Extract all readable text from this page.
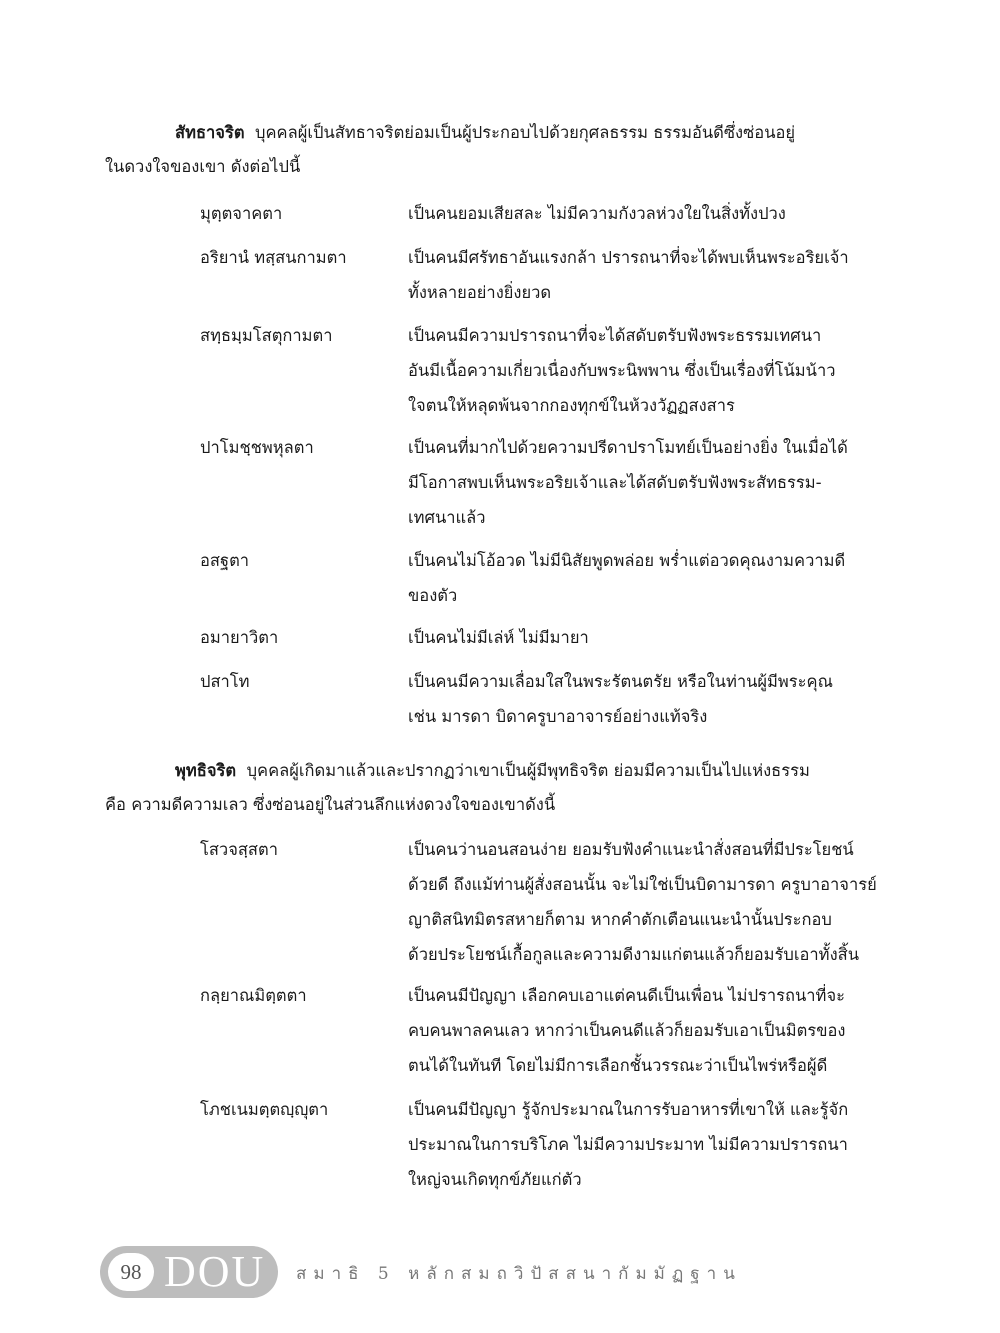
สัทธาจริต บุคคลผู้เป็นสัทธาจริตย่อมเป็นผู้ประกอบไปด้วยกุศลธรรม ธรรมอันดีซึ่งซ่อนอยู่
ในดวงใจของเขา ดังต่อไปนี้
มุตฺตจาคตา	เป็นคนยอมเสียสละ ไม่มีความกังวลห่วงใยในสิ่งทั้งปวง
อริยานํ ทสฺสนกามตา	เป็นคนมีศรัทธาอันแรงกล้า ปรารถนาที่จะได้พบเห็นพระอริยเจ้า
ทั้งหลายอย่างยิ่งยวด
สทฺธมฺมโสตุกามตา	เป็นคนมีความปรารถนาที่จะได้สดับตรับฟังพระธรรมเทศนา
อันมีเนื้อความเกี่ยวเนื่องกับพระนิพพาน ซึ่งเป็นเรื่องที่โน้มน้าว
ใจตนให้หลุดพ้นจากกองทุกข์ในห้วงวัฏฏสงสาร
ปาโมชฺชพหุลตา	เป็นคนที่มากไปด้วยความปรีดาปราโมทย์เป็นอย่างยิ่ง ในเมื่อได้
มีโอกาสพบเห็นพระอริยเจ้าและได้สดับตรับฟังพระสัทธรรม-
เทศนาแล้ว
อสฐตา	เป็นคนไม่โอ้อวด ไม่มีนิสัยพูดพล่อย พร่ำแต่อวดคุณงามความดี
ของตัว
อมายาวิตา	เป็นคนไม่มีเล่ห์ ไม่มีมายา
ปสาโท	เป็นคนมีความเลื่อมใสในพระรัตนตรัย หรือในท่านผู้มีพระคุณ
เช่น มารดา บิดาครูบาอาจารย์อย่างแท้จริง
พุทธิจริต บุคคลผู้เกิดมาแล้วและปรากฏว่าเขาเป็นผู้มีพุทธิจริต ย่อมมีความเป็นไปแห่งธรรม
คือ ความดีความเลว ซึ่งซ่อนอยู่ในส่วนลึกแห่งดวงใจของเขาดังนี้
โสวจสฺสตา	เป็นคนว่านอนสอนง่าย ยอมรับฟังคำแนะนำสั่งสอนที่มีประโยชน์
ด้วยดี ถึงแม้ท่านผู้สั่งสอนนั้น จะไม่ใช่เป็นบิดามารดา ครูบาอาจารย์
ญาติสนิทมิตรสหายก็ตาม หากคำตักเตือนแนะนำนั้นประกอบ
ด้วยประโยชน์เกื้อกูลและความดีงามแก่ตนแล้วก็ยอมรับเอาทั้งสิ้น
กลฺยาณมิตฺตตา	เป็นคนมีปัญญา เลือกคบเอาแต่คนดีเป็นเพื่อน ไม่ปรารถนาที่จะ
คบคนพาลคนเลว หากว่าเป็นคนดีแล้วก็ยอมรับเอาเป็นมิตรของ
ตนได้ในทันที โดยไม่มีการเลือกชั้นวรรณะว่าเป็นไพร่หรือผู้ดี
โภชเนมตฺตญฺญุตา	เป็นคนมีปัญญา รู้จักประมาณในการรับอาหารที่เขาให้ และรู้จัก
ประมาณในการบริโภค ไม่มีความประมาท ไม่มีความปรารถนา
ใหญ่จนเกิดทุกข์ภัยแก่ตัว
98 DOU สมาธิ 5 หลักสมถวิปัสสนากัมมัฏฐาน
